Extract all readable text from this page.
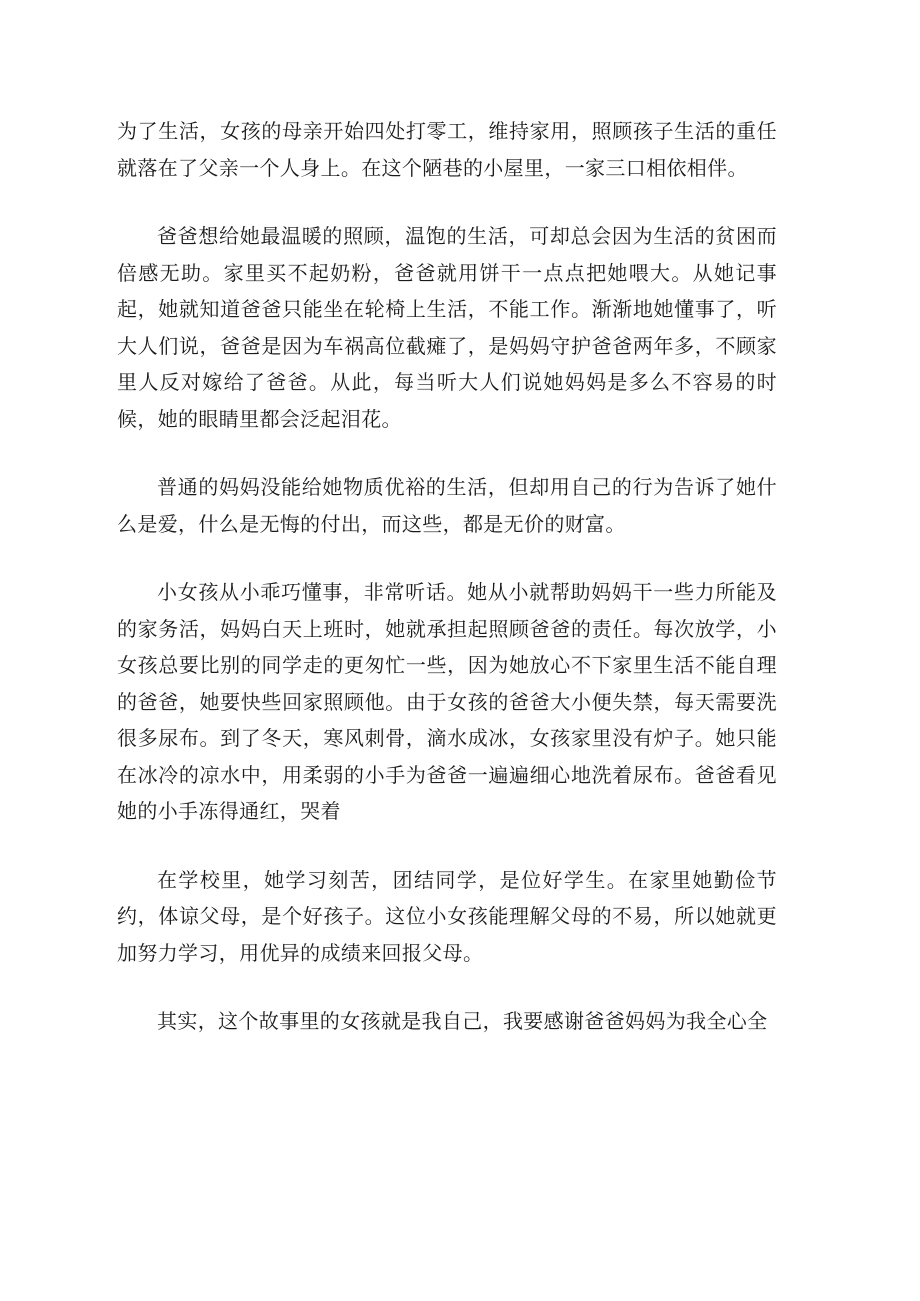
为了生活，女孩的母亲开始四处打零工，维持家用，照顾孩子生活的重任就落在了父亲一个人身上。在这个陋巷的小屋里，一家三口相依相伴。

爸爸想给她最温暖的照顾，温饱的生活，可却总会因为生活的贫困而倍感无助。家里买不起奶粉，爸爸就用饼干一点点把她喂大。从她记事起，她就知道爸爸只能坐在轮椅上生活，不能工作。渐渐地她懂事了，听大人们说，爸爸是因为车祸高位截瘫了，是妈妈守护爸爸两年多，不顾家里人反对嫁给了爸爸。从此，每当听大人们说她妈妈是多么不容易的时候，她的眼睛里都会泛起泪花。

普通的妈妈没能给她物质优裕的生活，但却用自己的行为告诉了她什么是爱，什么是无悔的付出，而这些，都是无价的财富。

小女孩从小乖巧懂事，非常听话。她从小就帮助妈妈干一些力所能及的家务活，妈妈白天上班时，她就承担起照顾爸爸的责任。每次放学，小女孩总要比别的同学走的更匆忙一些，因为她放心不下家里生活不能自理的爸爸，她要快些回家照顾他。由于女孩的爸爸大小便失禁，每天需要洗很多尿布。到了冬天，寒风刺骨，滴水成冰，女孩家里没有炉子。她只能在冰冷的凉水中，用柔弱的小手为爸爸一遍遍细心地洗着尿布。爸爸看见她的小手冻得通红，哭着

在学校里，她学习刻苦，团结同学，是位好学生。在家里她勤俭节约，体谅父母，是个好孩子。这位小女孩能理解父母的不易，所以她就更加努力学习，用优异的成绩来回报父母。

其实，这个故事里的女孩就是我自己，我要感谢爸爸妈妈为我全心全
